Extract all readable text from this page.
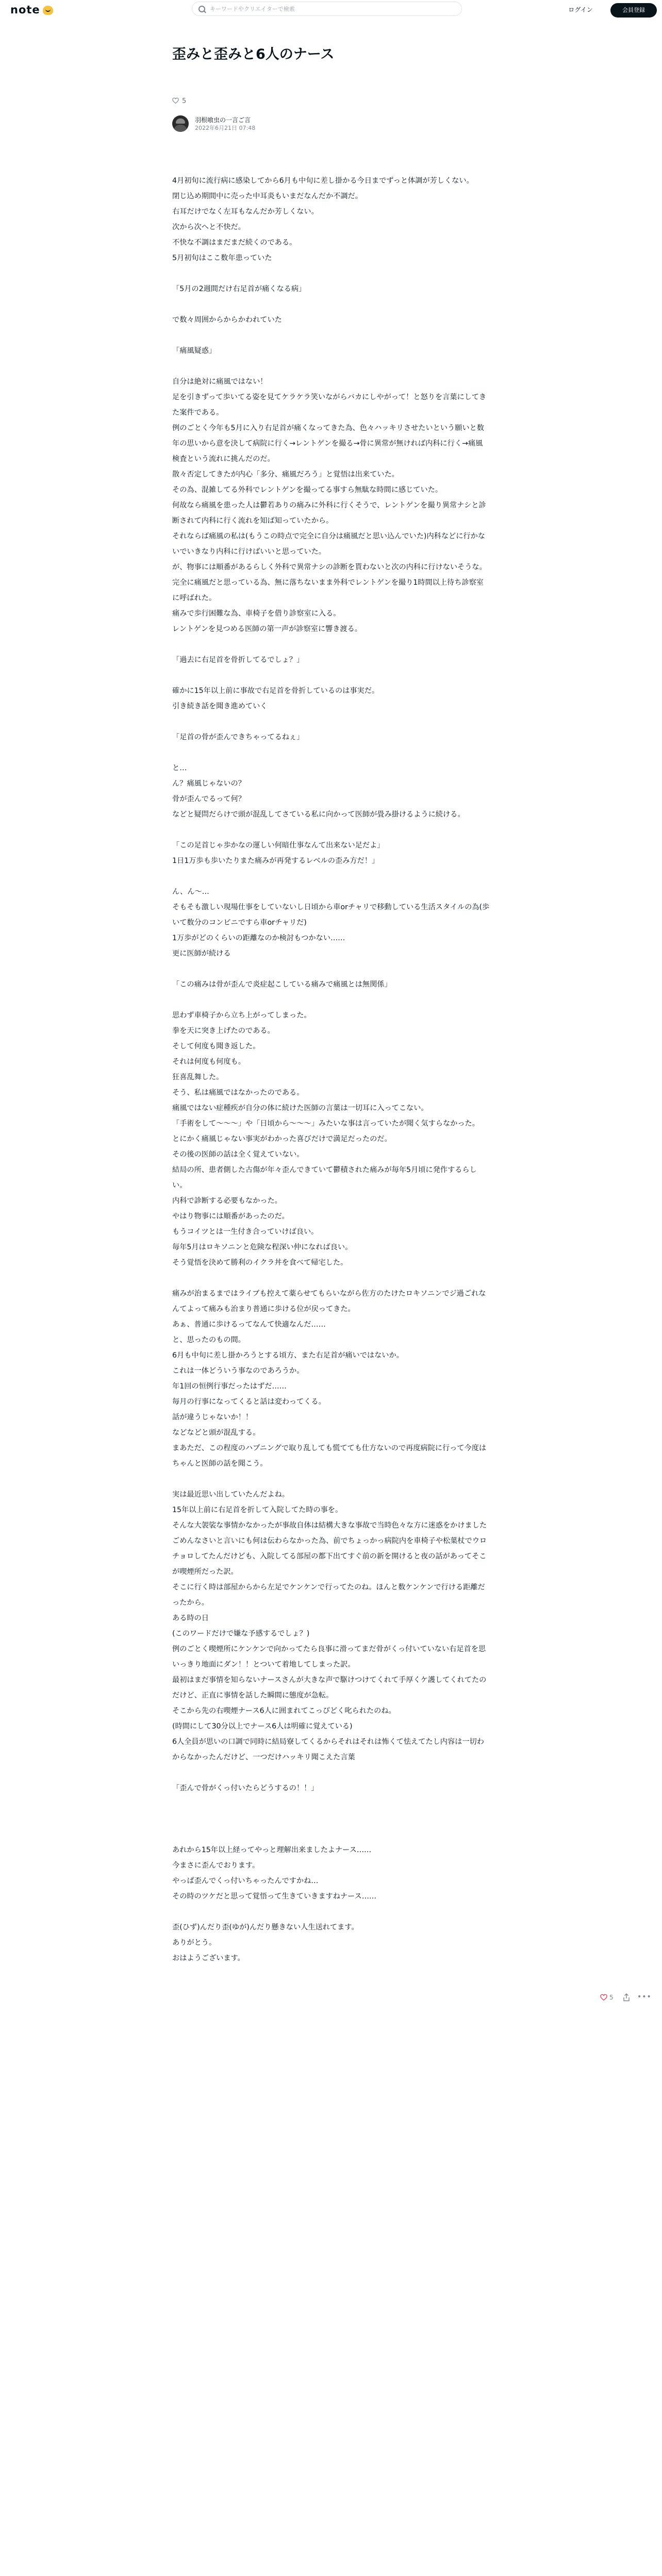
note
キーワードやクリエイターで検索	ログイン	会員登録
歪みと歪みと6人のナース
5
羽根喰虫の一言ご言
2022年6月21日 07:48

4月初旬に流行病に感染してから6月も中旬に差し掛かる今日までずっと体調が芳しくない。

閉じ込め期間中に売った中耳炎もいまだなんだか不調だ。

右耳だけでなく左耳もなんだか芳しくない。

次から次へと不快だ。

不快な不調はまだまだ続くのである。

5月初旬はここ数年患っていた

「5月の2週間だけ右足首が痛くなる病」

で数々周囲からからかわれていた

「痛風疑惑」

自分は絶対に痛風ではない！

足を引きずって歩いてる姿を見てケラケラ笑いながらバカにしやがって！と怒りを言葉にしてきた案件である。

例のごとく今年も5月に入り右足首が痛くなってきた為、色々ハッキリさせたいという願いと数年の思いから意を決して病院に行く→レントゲンを撮る→骨に異常が無ければ内科に行く→痛風検査という流れに挑んだのだ。

散々否定してきたが内心「多分、痛風だろう」と覚悟は出来ていた。

その為、混雑してる外科でレントゲンを撮ってる事すら無駄な時間に感じていた。

何故なら痛風を患った人は鬱若ありの痛みに外科に行くそうで、レントゲンを撮り異常ナシと診断されて内科に行く流れを知ば知っていたから。

それならば痛風の私は(もうこの時点で完全に自分は痛風だと思い込んでいた)内科などに行かないでいきなり内科に行けばいいと思っていた。

が、物事には順番があるらしく外科で異常ナシの診断を貰わないと次の内科に行けないそうな。

完全に痛風だと思っている為、無に落ちないまま外科でレントゲンを撮り1時間以上待ち診察室に呼ばれた。

痛みで歩行困難な為、車椅子を借り診察室に入る。

レントゲンを見つめる医師の第一声が診察室に響き渡る。

「過去に右足首を骨折してるでしょ？」

確かに15年以上前に事故で右足首を骨折しているのは事実だ。

引き続き話を聞き進めていく

「足首の骨が歪んできちゃってるねぇ」

と…

ん？痛風じゃないの？

骨が歪んでるって何？

などと疑問だらけで頭が混乱してさている私に向かって医師が畳み掛けるように続ける。

「この足首じゃ歩かなの運しい何暗仕事なんて出来ない足だよ」

1日1万歩も歩いたりまた痛みが再発するレベルの歪み方だ！」

ん、ん〜…

そもそも激しい現場仕事をしていないし日頃から車orチャリで移動している生活スタイルの為(歩いて数分のコンビニですら車orチャリだ)

1万歩がどのくらいの距離なのか検討もつかない……

更に医師が続ける

「この痛みは骨が歪んで炎症起こしている痛みで痛風とは無関係」

思わず車椅子から立ち上がってしまった。

拳を天に突き上げたのである。

そして何度も聞き返した。

それは何度も何度も。

狂喜乱舞した。

そう、私は痛風ではなかったのである。

痛風ではない症種疾が自分の体に続けた医師の言葉は一切耳に入ってこない。

「手術をして〜〜〜」や「日頃から〜〜〜」みたいな事は言っていたが聞く気すらなかった。

とにかく痛風じゃない事実がわかった喜びだけで満足だったのだ。

その後の医師の話は全く覚えていない。

結局の所、患者側した古傷が年々歪んできていて鬱積された痛みが毎年5月頃に発作するらしい。

内科で診断する必要もなかった。

やはり物事には順番があったのだ。

もうコイツとは一生付き合っていけば良い。

毎年5月はロキソニンと危険な程深い仲になれば良い。

そう覚悟を決めて勝利のイクラ丼を食べて帰宅した。

痛みが治まるまではライブも控えて薬らせてもらいながら佐方のたけたロキソニンでジ過ごれなんてよって痛みも治まり普通に歩ける位が戻ってきた。

あぁ、普通に歩けるってなんて快適なんだ……

と、思ったのもの間。

6月も中旬に差し掛かろうとする頃方、また右足首が痛いではないか。

これは一体どういう事なのであろうか。

年1回の恒例行事だったはずだ……

毎月の行事になってくると話は変わってくる。

話が違うじゃないか！！

などなどと頭が混乱する。

まあただ、この程度のハプニングで取り乱しても慌てても仕方ないので再度病院に行って今度はちゃんと医師の話を聞こう。

実は最近思い出していたんだよね。

15年以上前に右足首を折して入院してた時の事を。

そんな大袈裟な事情かなかったが事故自体は結構大きな事故で当時色々な方に迷惑をかけましたごめんなさいと言いにも何は伝わらなかった為、前でちょっかっ病院内を車椅子や松葉杖でウロチョロしてたんだけども、入院してる部屋の都下出てすぐ前の新を開けると夜の話があってそこが喫煙所だった訳。

そこに行く時は部屋からから左足でケンケンで行ってたのね。ほんと数ケンケンで行ける距離だったから。

ある時の日

(このワードだけで嫌な予感するでしょ？)

例のごとく喫煙所にケンケンで向かってたら良事に滑ってまだ骨がくっ付いていない右足首を思いっきり地面にダン！！とついて着地してしまった訳。

最初はまだ事情を知らないナースさんが大きな声で駆けつけてくれて手厚くケ護してくれてたのだけど、正直に事情を話した瞬間に態度が急転。

そこから先の右喫煙ナース6人に囲まれてこっぴどく叱られたのね。

(時間にして30分以上でナース6人は明確に覚えている)

6人全員が思いの口調で同時に結局寮してくるからそれはそれは怖くて怯えてたし内容は一切わからなかったんだけど、一つだけハッキリ聞こえた言葉

「歪んで骨がくっ付いたらどうするの！！」

あれから15年以上経ってやっと理解出来ましたよナース……

今まさに歪んでおります。

やっぱ歪んでくっ付いちゃったんですかね…

その時のツケだと思って覚悟って生きていきますねナース……

歪(ひず)んだり歪(ゆが)んだり懸きない人生送れてます。

ありがとう。

おはようございます。

5	•••
